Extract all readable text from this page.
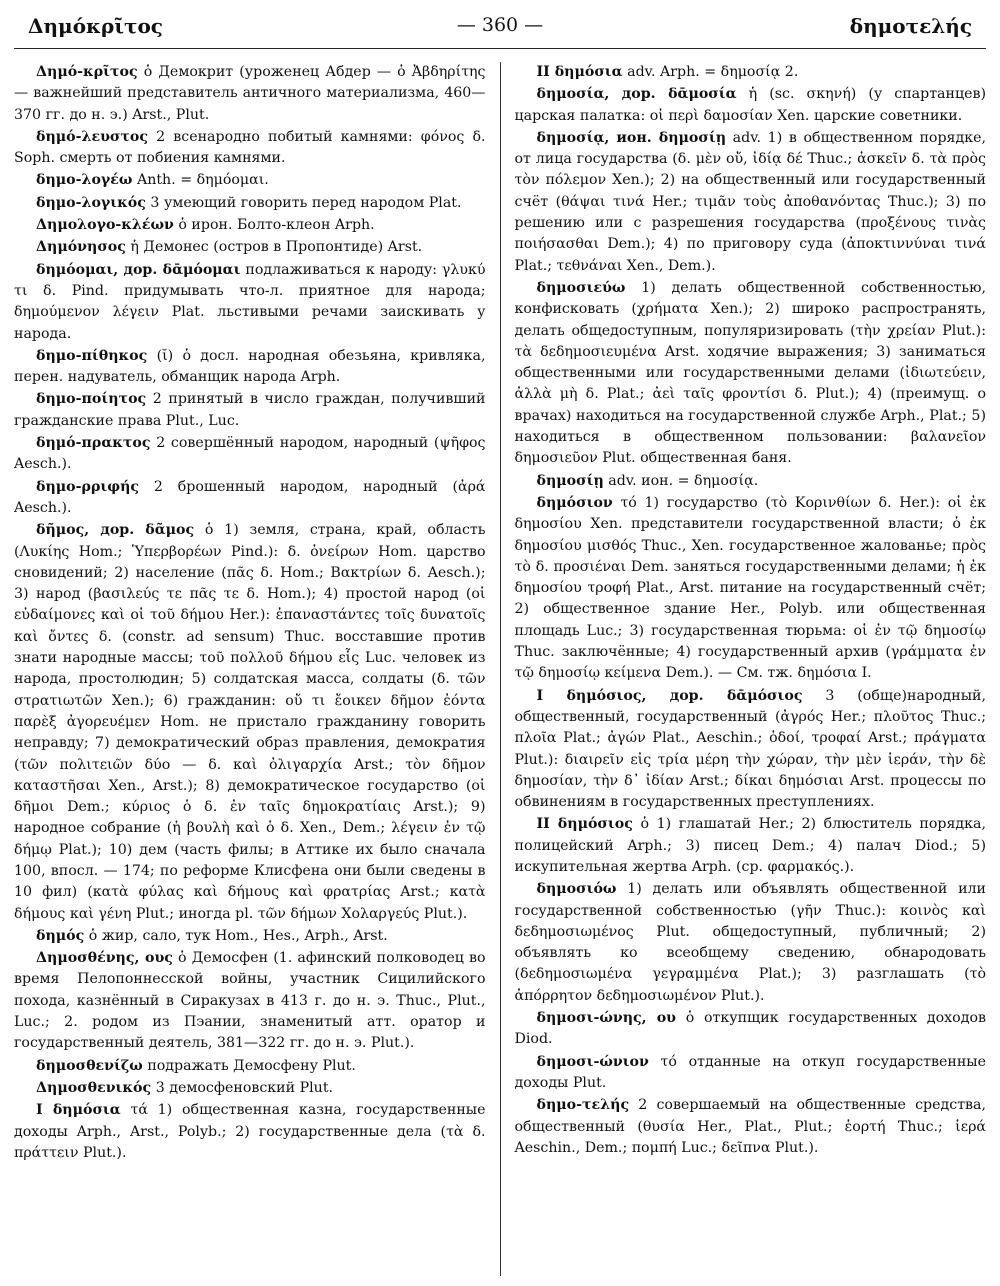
Δημόκρῖτος	— 360 —	δημοτελής

Δημό-κρῖτος ὁ Демокрит (уроженец Абдер — ὁ Ἀβδηρίτης — важнейший представитель античного материализма, 460—370 гг. до н. э.) Arst., Plut.

δημό-λευστος 2 всенародно побитый камнями: φόνος δ. Soph. смерть от побиения камнями.

δημο-λογέω Anth. = δημόομαι.

δημο-λογικός 3 умеющий говорить перед народом Plat.

Δημολογο-κλέων ὁ ирон. Болто-клеон Arph.

Δημόνησος ἡ Демонес (остров в Пропонтиде) Arst.

δημόομαι, дор. δᾱμόομαι подлаживаться к народу: γλυκύ τι δ. Pind. придумывать что-л. приятное для народа; δημούμενον λέγειν Plat. льстивыми речами заискивать у народа.

δημο-πίθηκος (ῐ) ὁ досл. народная обезьяна, кривляка, перен. надуватель, обманщик народа Arph.

δημο-ποίητος 2 принятый в число граждан, получивший гражданские права Plut., Luc.

δημό-πρακτος 2 совершённый народом, народный (ψῆφος Aesch.).

δημο-ρριφής 2 брошенный народом, народный (ἀρά Aesch.).

δῆμος, дор. δᾶμος ὁ 1) земля, страна, край, область (Λυκίης Hom.; Ὑπερβορέων Pind.): δ. ὀνείρων Hom. царство сновидений; 2) население (πᾶς δ. Hom.; Βακτρίων δ. Aesch.); 3) народ (βασιλεύς τε πᾶς τε δ. Hom.); 4) простой народ (οἱ εὐδαίμονες καὶ οἱ τοῦ δήμου Her.): ἐπαναστάντες τοῖς δυνατοῖς καὶ ὄντες δ. (constr. ad sensum) Thuc. восставшие против знати народные массы; τοῦ πολλοῦ δήμου εἷς Luc. человек из народа, простолюдин; 5) солдатская масса, солдаты (δ. τῶν στρατιωτῶν Xen.); 6) гражданин: οὔ τι ἔοικεν δῆμον ἐόντα παρὲξ ἀγορευέμεν Hom. не пристало гражданину говорить неправду; 7) демократический образ правления, демократия (τῶν πολιτειῶν δύο — δ. καὶ ὀλιγαρχία Arst.; τὸν δῆμον καταστῆσαι Xen., Arst.); 8) демократическое государство (οἱ δῆμοι Dem.; κύριος ὁ δ. ἐν ταῖς δημοκρατίαις Arst.); 9) народное собрание (ἡ βουλὴ καὶ ὁ δ. Xen., Dem.; λέγειν ἐν τῷ δήμῳ Plat.); 10) дем (часть филы; в Аттике их было сначала 100, впосл. — 174; по реформе Клисфена они были сведены в 10 фил) (κατὰ φύλας καὶ δήμους καὶ φρατρίας Arst.; κατὰ δήμους καὶ γένη Plut.; иногда pl. τῶν δήμων Χολαργεύς Plut.).

δημός ὁ жир, сало, тук Hom., Hes., Arph., Arst.

Δημοσθένης, ους ὁ Демосфен (1. афинский полководец во время Пелопоннесской войны, участник Сицилийского похода, казнённый в Сиракузах в 413 г. до н. э. Thuc., Plut., Luc.; 2. родом из Пэании, знаменитый атт. оратор и государственный деятель, 381—322 гг. до н. э. Plut.).

δημοσθενίζω подражать Демосфену Plut.

Δημοσθενικός 3 демосфеновский Plut.

I δημόσια τά 1) общественная казна, государственные доходы Arph., Arst., Polyb.; 2) государственные дела (τὰ δ. πράττειν Plut.).

II δημόσια adv. Arph. = δημοσίᾳ 2.

δημοσία, дор. δᾱμοσία ἡ (sc. σκηνή) (у спартанцев) царская палатка: οἱ περὶ δαμοσίαν Xen. царские советники.

δημοσίᾳ, ион. δημοσίῃ adv. 1) в общественном порядке, от лица государства (δ. μὲν οὔ, ἰδίᾳ δέ Thuc.; ἀσκεῖν δ. τὰ πρὸς τὸν πόλεμον Xen.); 2) на общественный или государственный счёт (θάψαι τινά Her.; τιμᾶν τοὺς ἀποθανόντας Thuc.); 3) по решению или с разрешения государства (προξένους τινὰς ποιήσασθαι Dem.); 4) по приговору суда (ἀποκτιννύναι τινά Plat.; τεθνάναι Xen., Dem.).

δημοσιεύω 1) делать общественной собственностью, конфисковать (χρήματα Xen.); 2) широко распространять, делать общедоступным, популяризировать (τὴν χρείαν Plut.): τὰ δεδημοσιευμένα Arst. ходячие выражения; 3) заниматься общественными или государственными делами (ἰδιωτεύειν, ἀλλὰ μὴ δ. Plat.; ἀεὶ ταῖς φροντίσι δ. Plut.); 4) (преимущ. о врачах) находиться на государственной службе Arph., Plat.; 5) находиться в общественном пользовании: βαλανεῖον δημοσιεῦον Plut. общественная баня.

δημοσίῃ adv. ион. = δημοσίᾳ.

δημόσιον τό 1) государство (τὸ Κορινθίων δ. Her.): οἱ ἐκ δημοσίου Xen. представители государственной власти; ὁ ἐκ δημοσίου μισθός Thuc., Xen. государственное жалованье; πρὸς τὸ δ. προσιέναι Dem. заняться государственными делами; ἡ ἐκ δημοσίου τροφή Plat., Arst. питание на государственный счёт; 2) общественное здание Her., Polyb. или общественная площадь Luc.; 3) государственная тюрьма: οἱ ἐν τῷ δημοσίῳ Thuc. заключённые; 4) государственный архив (γράμματα ἐν τῷ δημοσίῳ κείμενα Dem.). — См. тж. δημόσια I.

I δημόσιος, дор. δᾱμόσιος 3 (обще)народный, общественный, государственный (ἀγρός Her.; πλοῦτος Thuc.; πλοῖα Plat.; ἀγών Plat., Aeschin.; ὁδοί, τροφαί Arst.; πράγματα Plut.): διαιρεῖν εἰς τρία μέρη τὴν χώραν, τὴν μὲν ἱεράν, τὴν δὲ δημοσίαν, τὴν δ᾽ ἰδίαν Arst.; δίκαι δημόσιαι Arst. процессы по обвинениям в государственных преступлениях.

II δημόσιος ὁ 1) глашатай Her.; 2) блюститель порядка, полицейский Arph.; 3) писец Dem.; 4) палач Diod.; 5) искупительная жертва Arph. (ср. φαρμακός.).

δημοσιόω 1) делать или объявлять общественной или государственной собственностью (γῆν Thuc.): κοινὸς καὶ δεδημοσιωμένος Plut. общедоступный, публичный; 2) объявлять ко всеобщему сведению, обнародовать (δεδημοσιωμένα γεγραμμένα Plat.); 3) разглашать (τὸ ἀπόρρητον δεδημοσιωμένον Plut.).

δημοσι-ώνης, ου ὁ откупщик государственных доходов Diod.

δημοσι-ώνιον τό отданные на откуп государственные доходы Plut.

δημο-τελής 2 совершаемый на общественные средства, общественный (θυσία Her., Plat., Plut.; ἑορτή Thuc.; ἱερά Aeschin., Dem.; πομπή Luc.; δεῖπνα Plut.).
